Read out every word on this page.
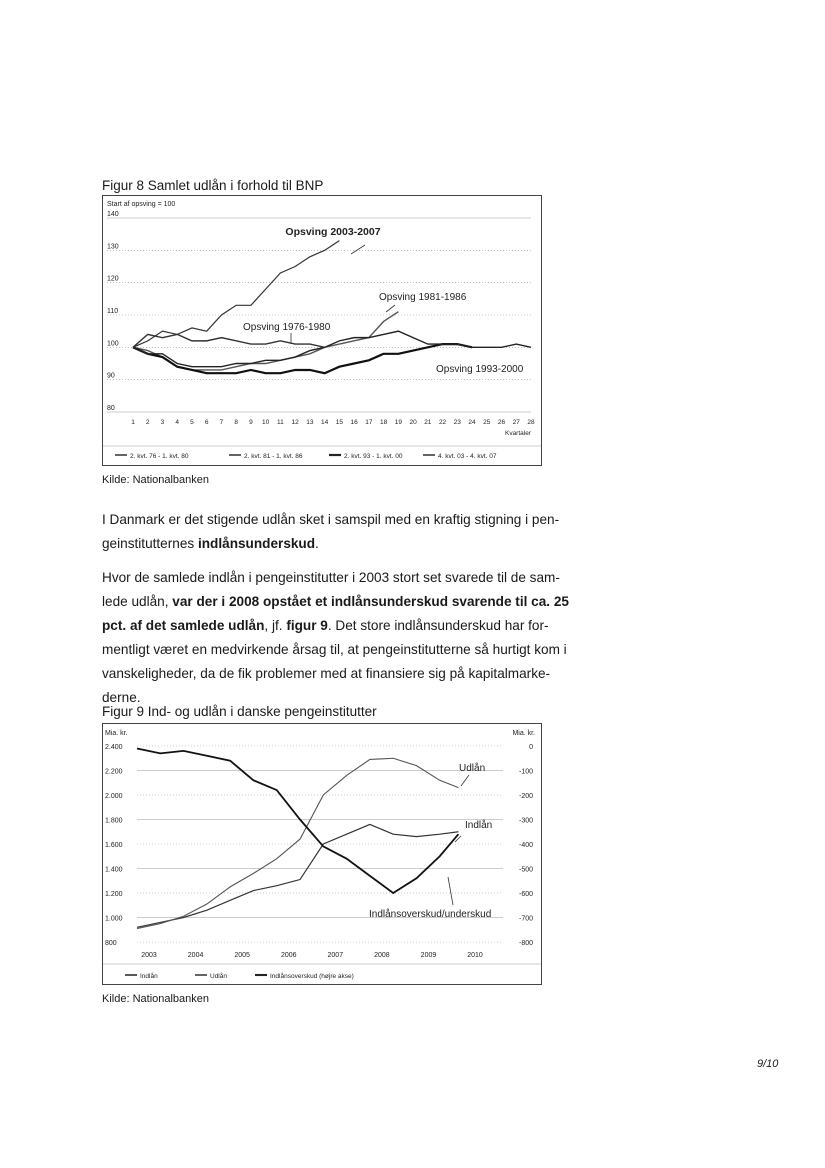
Figur 8 Samlet udlån i forhold til BNP
Start af opsving = 100
80
90
100
110
120
130
140
1 2 3 4 5 6 7 8 9 10 11 12 13 14 15 16 17 18 19 20 21 22 23 24 25 26 27 28
Kvartaler
Opsving 2003-2007
Opsving 1981-1986
Opsving 1976-1980
Opsving 1993-2000
2. kvt. 76 - 1. kvt. 80	2. kvt. 81 - 1. kvt. 86	2. kvt. 93 - 1. kvt. 00	4. kvt. 03 - 4. kvt. 07
Kilde: Nationalbanken

I Danmark er det stigende udlån sket i samspil med en kraftig stigning i pen-
geinstitutternes indlånsunderskud.

Hvor de samlede indlån i pengeinstitutter i 2003 stort set svarede til de sam-
lede udlån, var der i 2008 opstået et indlånsunderskud svarende til ca. 25
pct. af det samlede udlån, jf. figur 9. Det store indlånsunderskud har for-
mentligt været en medvirkende årsag til, at pengeinstitutterne så hurtigt kom i
vanskeligheder, da de fik problemer med at finansiere sig på kapitalmarke-
derne.

Figur 9 Ind- og udlån i danske pengeinstitutter
Mia. kr.	Mia. kr.
800
1.000
1.200
1.400
1.600
1.800
2.000
2.200
2.400
-800
-700
-600
-500
-400
-300
-200
-100
0
2003	2004	2005	2006	2007	2008	2009	2010
Udlån
Indlån
Indlånsoverskud/underskud
Indlån	Udlån	Indlånsoverskud (højre akse)
Kilde: Nationalbanken
9/10
